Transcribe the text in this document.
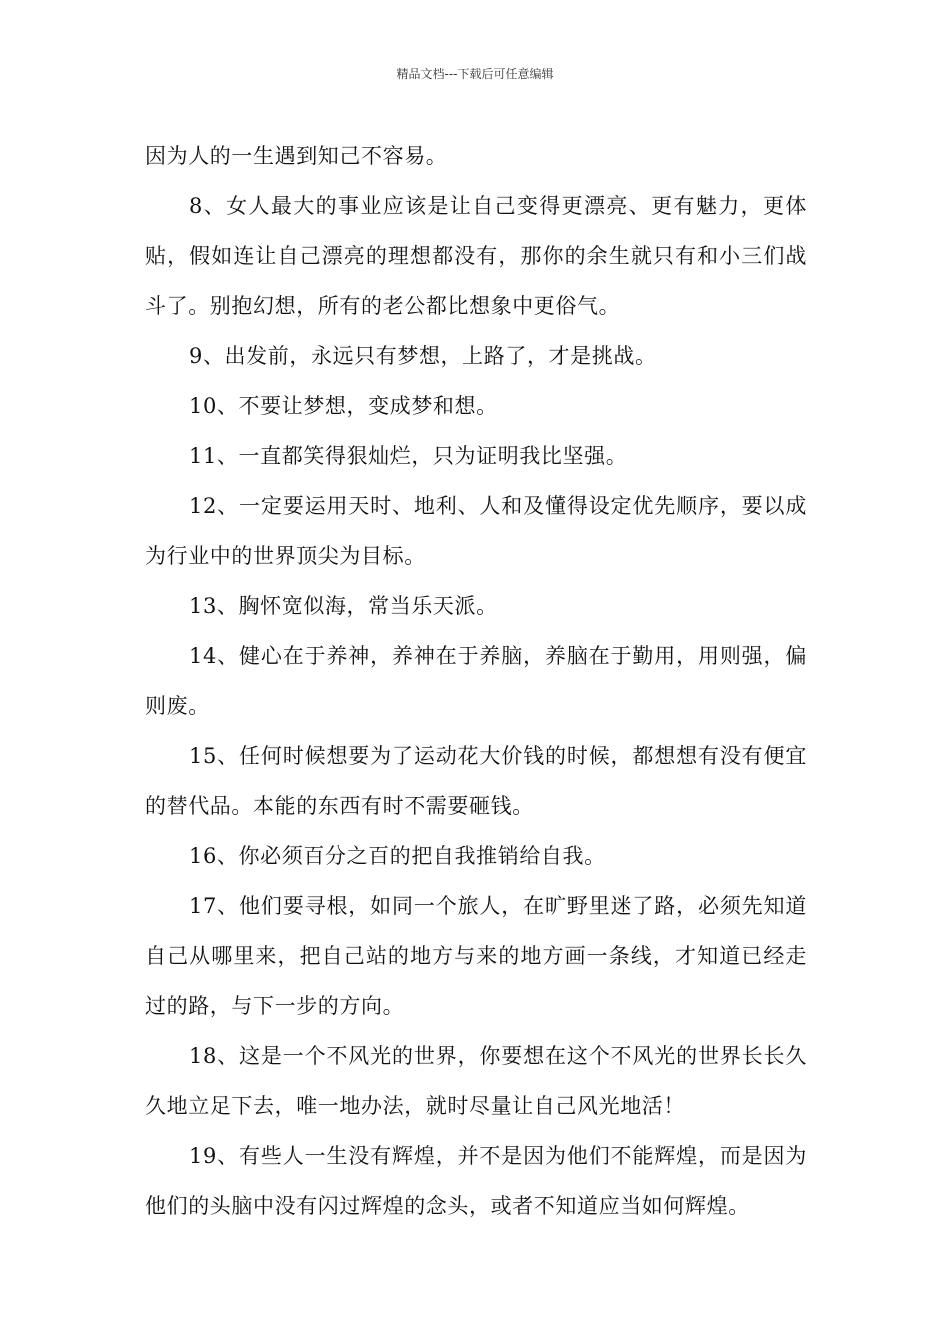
精品文档---下载后可任意编辑

因为人的一生遇到知己不容易。

8、女人最大的事业应该是让自己变得更漂亮、更有魅力，更体贴，假如连让自己漂亮的理想都没有，那你的余生就只有和小三们战斗了。别抱幻想，所有的老公都比想象中更俗气。

9、出发前，永远只有梦想，上路了，才是挑战。

10、不要让梦想，变成梦和想。

11、一直都笑得狠灿烂，只为证明我比坚强。

12、一定要运用天时、地利、人和及懂得设定优先顺序，要以成为行业中的世界顶尖为目标。

13、胸怀宽似海，常当乐天派。

14、健心在于养神，养神在于养脑，养脑在于勤用，用则强，偏则废。

15、任何时候想要为了运动花大价钱的时候，都想想有没有便宜的替代品。本能的东西有时不需要砸钱。

16、你必须百分之百的把自我推销给自我。

17、他们要寻根，如同一个旅人，在旷野里迷了路，必须先知道自己从哪里来，把自己站的地方与来的地方画一条线，才知道已经走过的路，与下一步的方向。

18、这是一个不风光的世界，你要想在这个不风光的世界长长久久地立足下去，唯一地办法，就时尽量让自己风光地活！

19、有些人一生没有辉煌，并不是因为他们不能辉煌，而是因为他们的头脑中没有闪过辉煌的念头，或者不知道应当如何辉煌。
